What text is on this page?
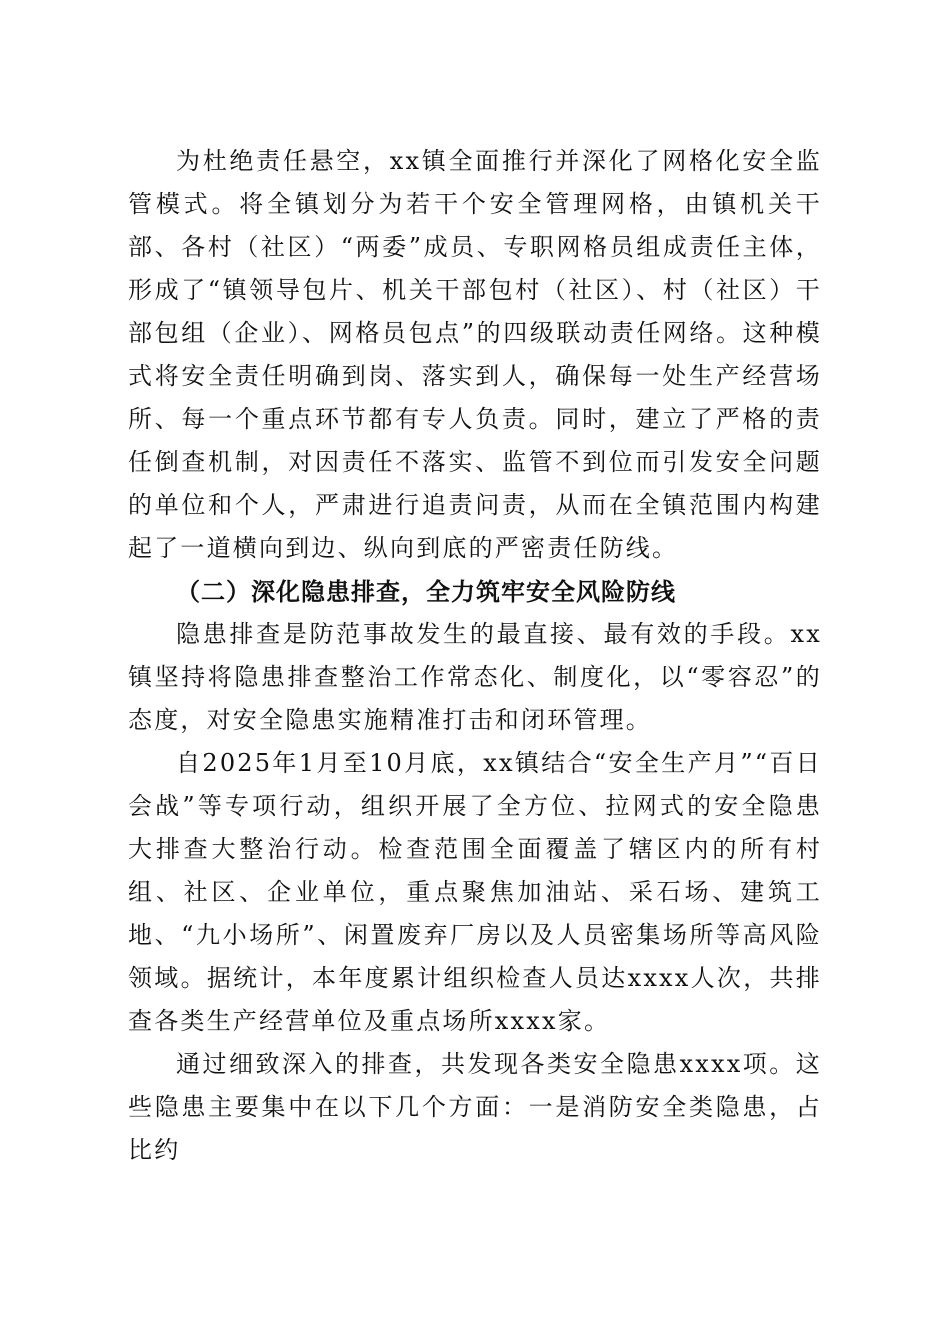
为杜绝责任悬空，xx镇全面推行并深化了网格化安全监管模式。将全镇划分为若干个安全管理网格，由镇机关干部、各村（社区）“两委”成员、专职网格员组成责任主体，形成了“镇领导包片、机关干部包村（社区）、村（社区）干部包组（企业）、网格员包点”的四级联动责任网络。这种模式将安全责任明确到岗、落实到人，确保每一处生产经营场所、每一个重点环节都有专人负责。同时，建立了严格的责任倒查机制，对因责任不落实、监管不到位而引发安全问题的单位和个人，严肃进行追责问责，从而在全镇范围内构建起了一道横向到边、纵向到底的严密责任防线。

（二）深化隐患排查，全力筑牢安全风险防线

隐患排查是防范事故发生的最直接、最有效的手段。xx镇坚持将隐患排查整治工作常态化、制度化，以“零容忍”的态度，对安全隐患实施精准打击和闭环管理。

自2025年1月至10月底，xx镇结合“安全生产月”“百日会战”等专项行动，组织开展了全方位、拉网式的安全隐患大排查大整治行动。检查范围全面覆盖了辖区内的所有村组、社区、企业单位，重点聚焦加油站、采石场、建筑工地、“九小场所”、闲置废弃厂房以及人员密集场所等高风险领域。据统计，本年度累计组织检查人员达xxxx人次，共排查各类生产经营单位及重点场所xxxx家。

通过细致深入的排查，共发现各类安全隐患xxxx项。这些隐患主要集中在以下几个方面：一是消防安全类隐患，占比约
